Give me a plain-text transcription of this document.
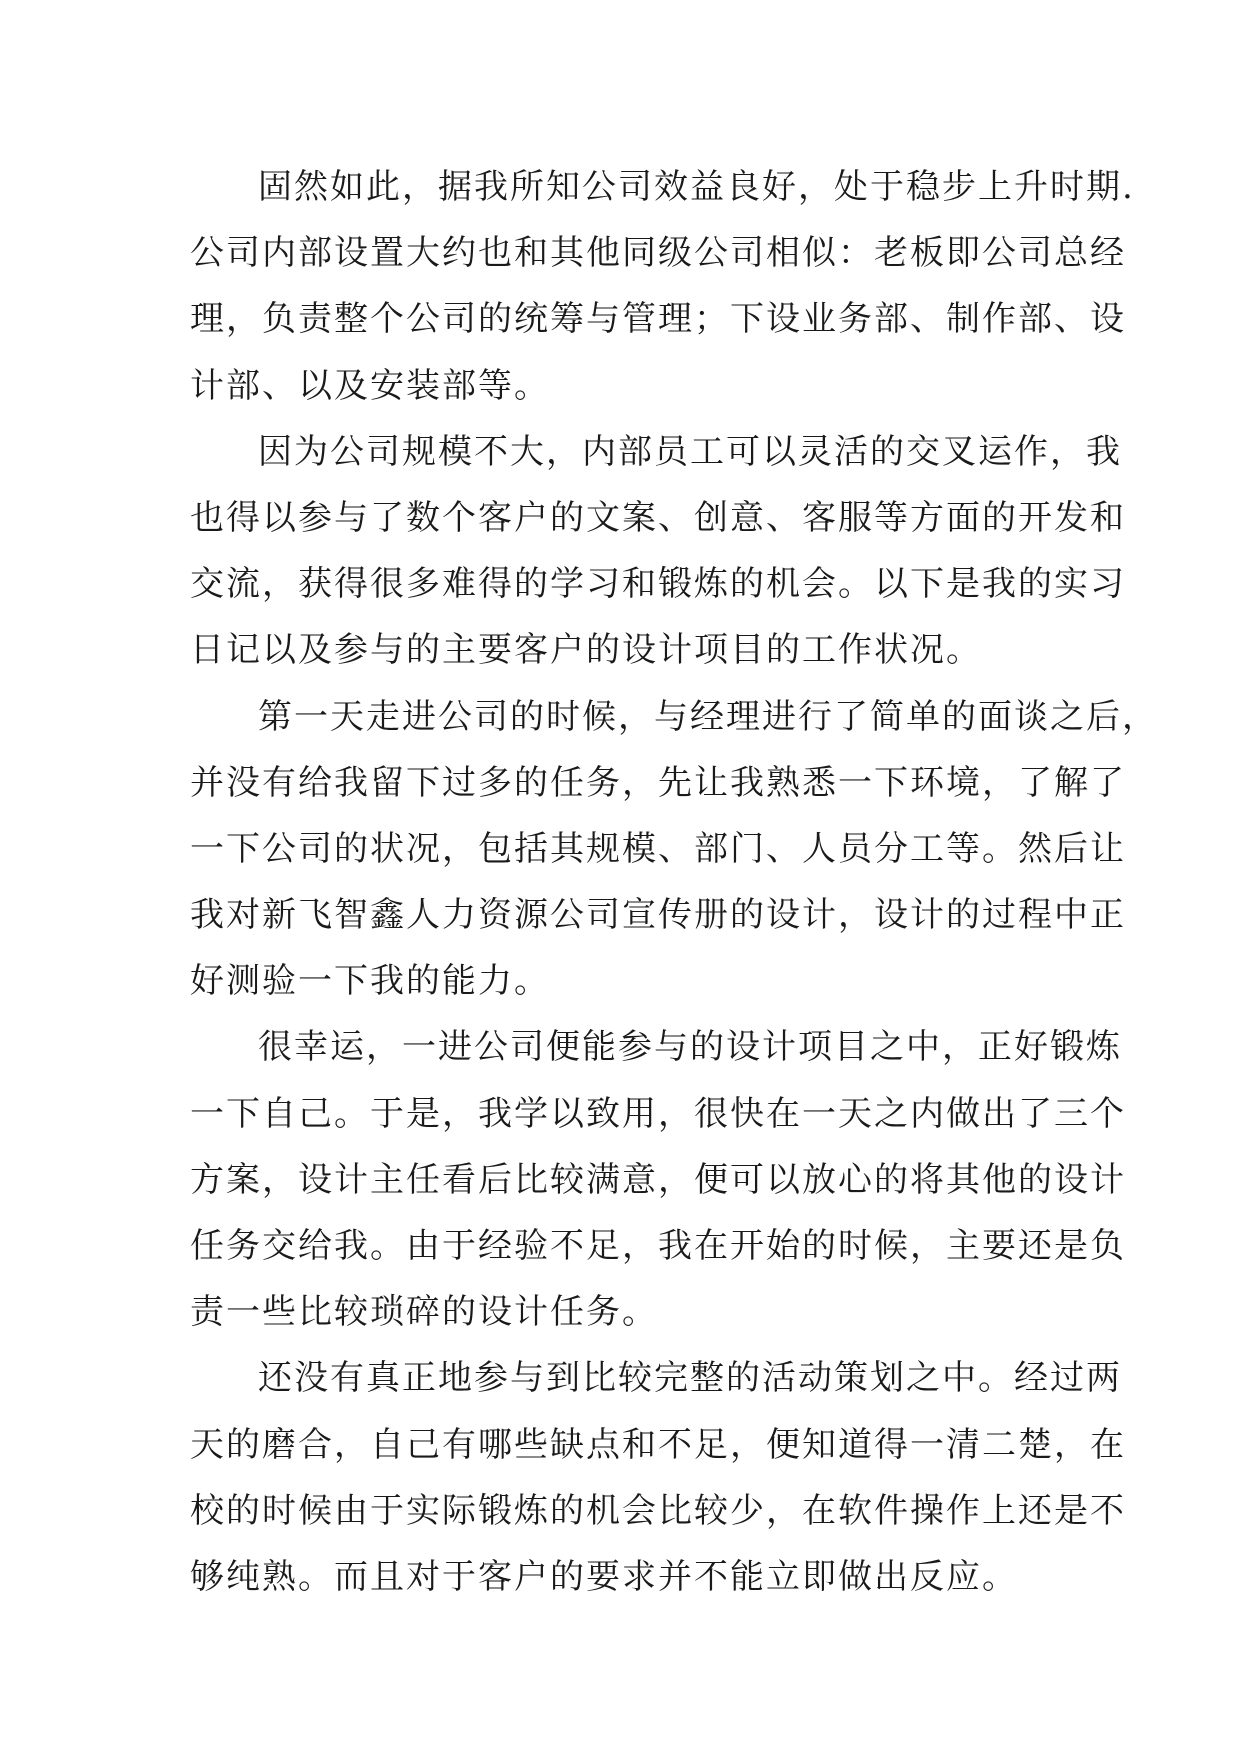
固然如此，据我所知公司效益良好，处于稳步上升时期.
公司内部设置大约也和其他同级公司相似：老板即公司总经
理，负责整个公司的统筹与管理；下设业务部、制作部、设
计部、以及安装部等。
因为公司规模不大，内部员工可以灵活的交叉运作，我
也得以参与了数个客户的文案、创意、客服等方面的开发和
交流，获得很多难得的学习和锻炼的机会。以下是我的实习
日记以及参与的主要客户的设计项目的工作状况。
第一天走进公司的时候，与经理进行了简单的面谈之后，
并没有给我留下过多的任务，先让我熟悉一下环境，了解了
一下公司的状况，包括其规模、部门、人员分工等。然后让
我对新飞智鑫人力资源公司宣传册的设计，设计的过程中正
好测验一下我的能力。
很幸运，一进公司便能参与的设计项目之中，正好锻炼
一下自己。于是，我学以致用，很快在一天之内做出了三个
方案，设计主任看后比较满意，便可以放心的将其他的设计
任务交给我。由于经验不足，我在开始的时候，主要还是负
责一些比较琐碎的设计任务。
还没有真正地参与到比较完整的活动策划之中。经过两
天的磨合，自己有哪些缺点和不足，便知道得一清二楚，在
校的时候由于实际锻炼的机会比较少，在软件操作上还是不
够纯熟。而且对于客户的要求并不能立即做出反应。
